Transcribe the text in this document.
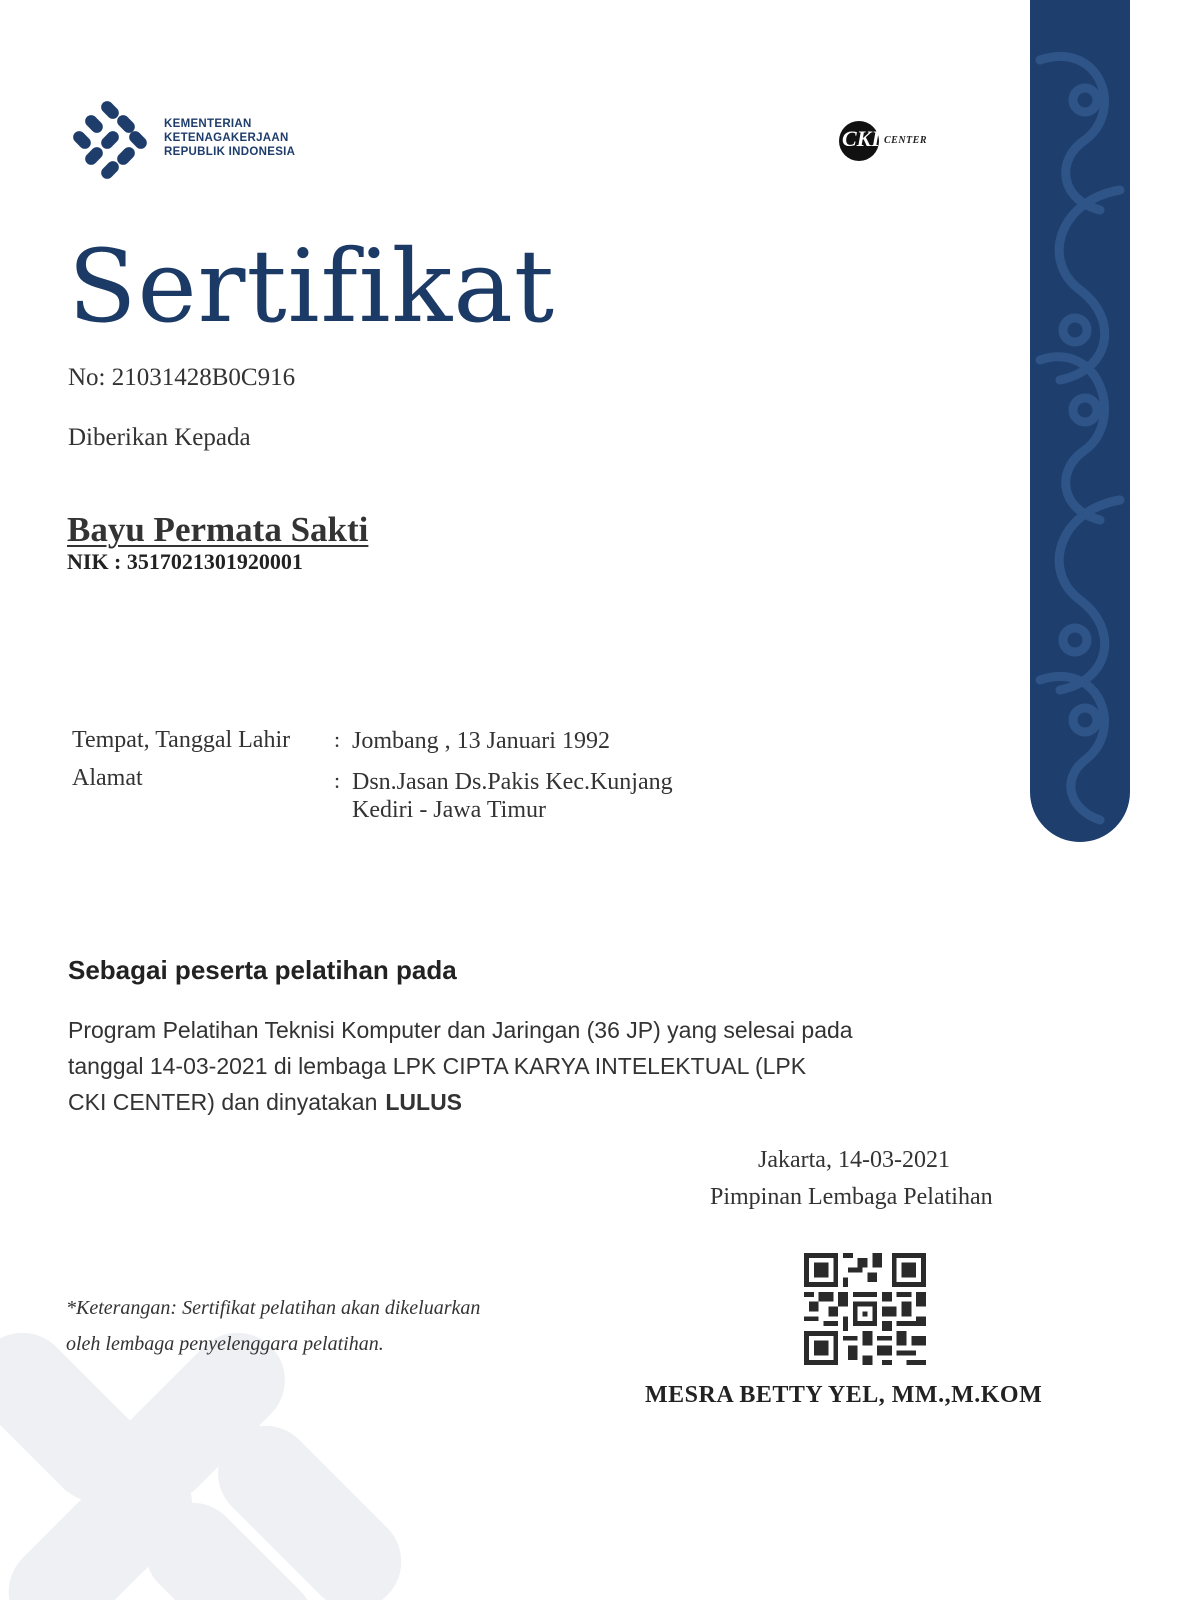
KEMENTERIAN
KETENAGAKERJAAN
REPUBLIK INDONESIA
CKI CENTER
Sertifikat
No: 21031428B0C916
Diberikan Kepada
Bayu Permata Sakti
NIK : 3517021301920001
Tempat, Tanggal Lahir : Jombang , 13 Januari 1992
Alamat	: Dsn.Jasan Ds.Pakis Kec.Kunjang
Kediri - Jawa Timur
Sebagai peserta pelatihan pada
Program Pelatihan Teknisi Komputer dan Jaringan (36 JP) yang selesai pada
tanggal 14-03-2021 di lembaga LPK CIPTA KARYA INTELEKTUAL (LPK
CKI CENTER) dan dinyatakan LULUS
Jakarta, 14-03-2021
Pimpinan Lembaga Pelatihan
MESRA BETTY YEL, MM.,M.KOM
*Keterangan: Sertifikat pelatihan akan dikeluarkan
oleh lembaga penyelenggara pelatihan.
